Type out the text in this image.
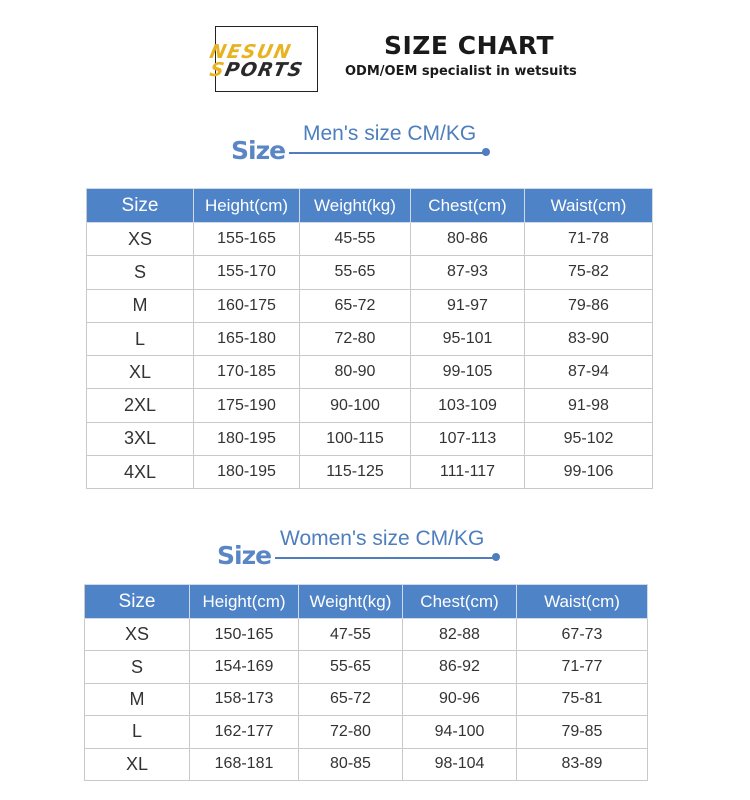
NESUN
SPORTS
SIZE CHART
ODM/OEM specialist in wetsuits
Size
Men's size CM/KG
Size	Height(cm)	Weight(kg)	Chest(cm)	Waist(cm)
XS	155-165	45-55	80-86	71-78
S	155-170	55-65	87-93	75-82
M	160-175	65-72	91-97	79-86
L	165-180	72-80	95-101	83-90
XL	170-185	80-90	99-105	87-94
2XL	175-190	90-100	103-109	91-98
3XL	180-195	100-115	107-113	95-102
4XL	180-195	115-125	111-117	99-106
Size
Women's size CM/KG
Size	Height(cm)	Weight(kg)	Chest(cm)	Waist(cm)
XS	150-165	47-55	82-88	67-73
S	154-169	55-65	86-92	71-77
M	158-173	65-72	90-96	75-81
L	162-177	72-80	94-100	79-85
XL	168-181	80-85	98-104	83-89
